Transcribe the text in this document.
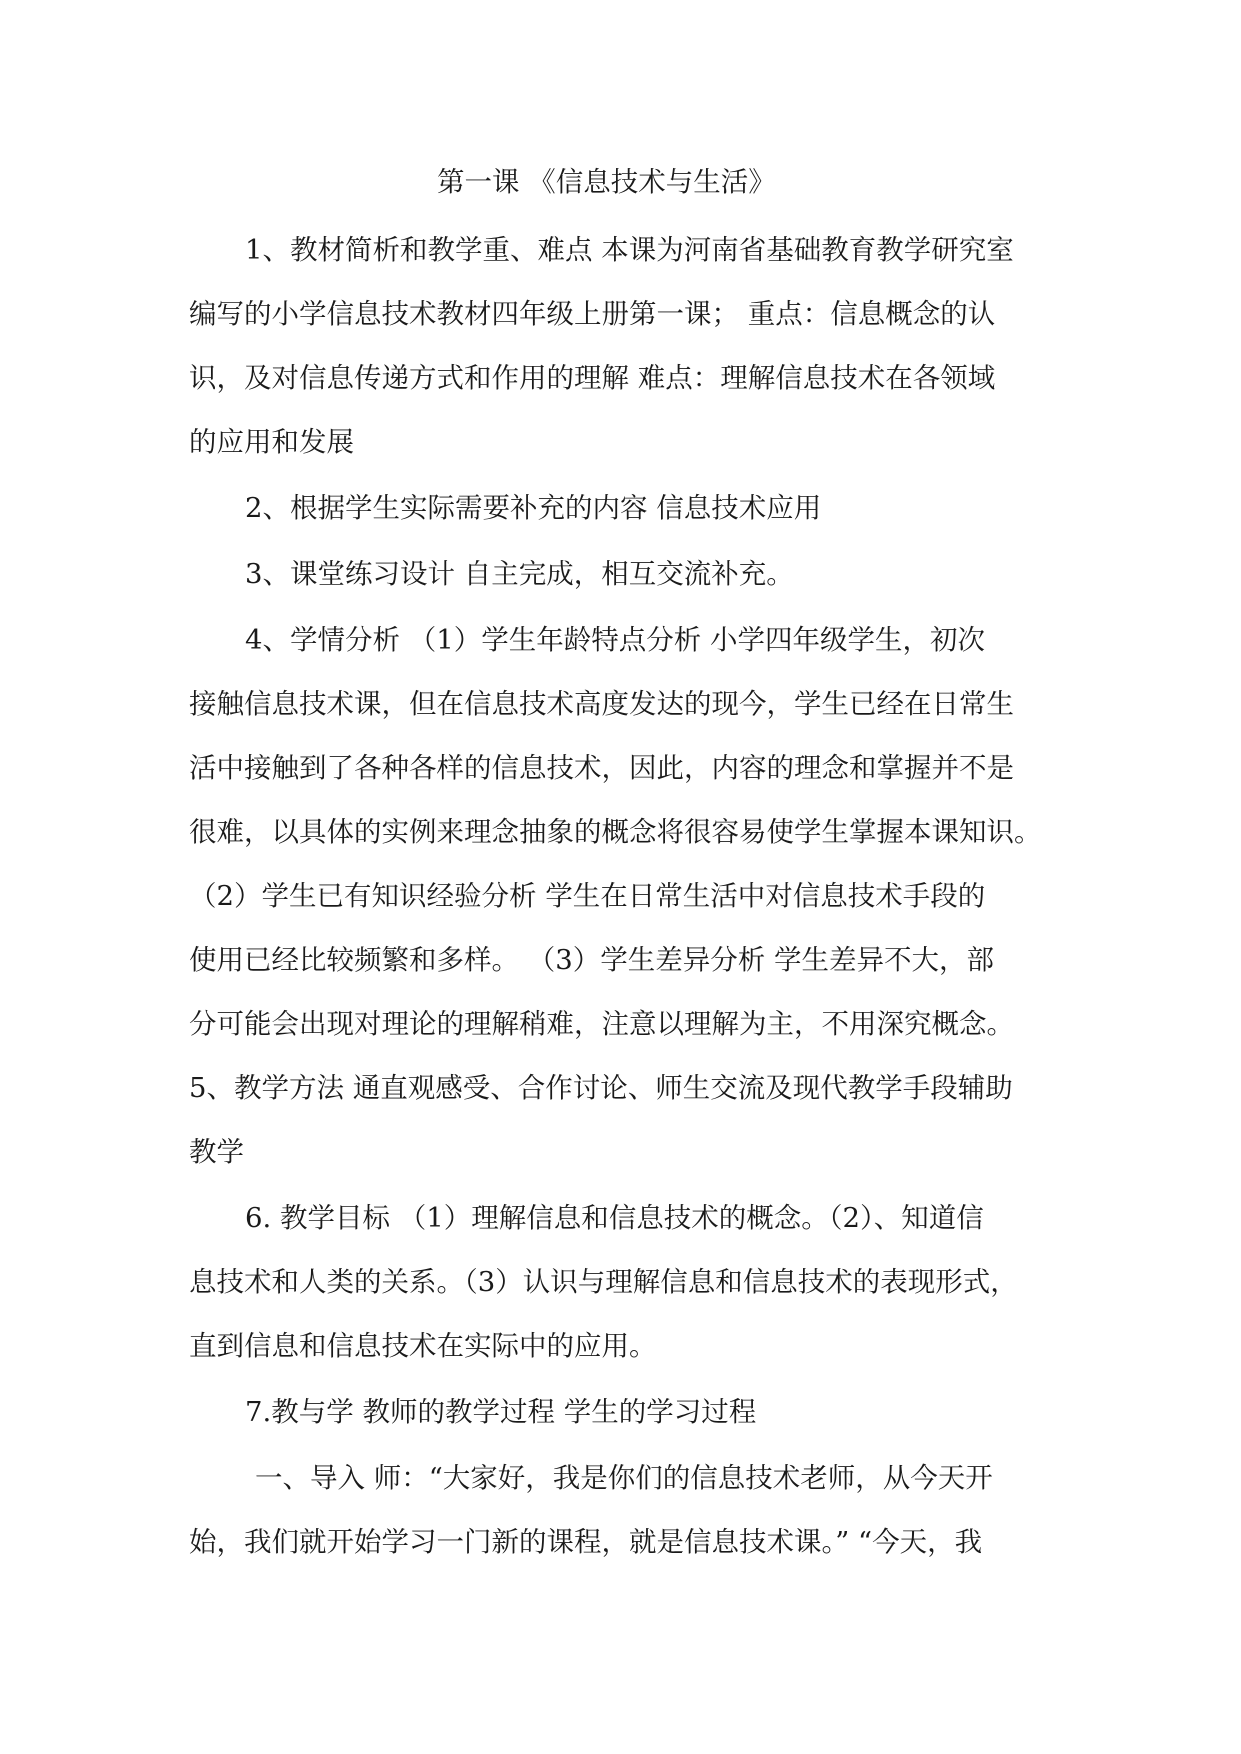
第一课 《信息技术与生活》

1、教材简析和教学重、难点 本课为河南省基础教育教学研究室

编写的小学信息技术教材四年级上册第一课； 重点：信息概念的认

识，及对信息传递方式和作用的理解 难点：理解信息技术在各领域

的应用和发展

2、根据学生实际需要补充的内容 信息技术应用

3、课堂练习设计 自主完成，相互交流补充。

4、学情分析 （1）学生年龄特点分析 小学四年级学生，初次

接触信息技术课，但在信息技术高度发达的现今，学生已经在日常生

活中接触到了各种各样的信息技术，因此，内容的理念和掌握并不是

很难，以具体的实例来理念抽象的概念将很容易使学生掌握本课知识。

（2）学生已有知识经验分析 学生在日常生活中对信息技术手段的

使用已经比较频繁和多样。 （3）学生差异分析 学生差异不大，部

分可能会出现对理论的理解稍难，注意以理解为主，不用深究概念。

5、教学方法 通直观感受、合作讨论、师生交流及现代教学手段辅助

教学

6. 教学目标 （1）理解信息和信息技术的概念。（2）、知道信

息技术和人类的关系。（3）认识与理解信息和信息技术的表现形式，

直到信息和信息技术在实际中的应用。

7.教与学 教师的教学过程 学生的学习过程

一、导入 师：“大家好，我是你们的信息技术老师，从今天开

始，我们就开始学习一门新的课程，就是信息技术课。” “今天，我
